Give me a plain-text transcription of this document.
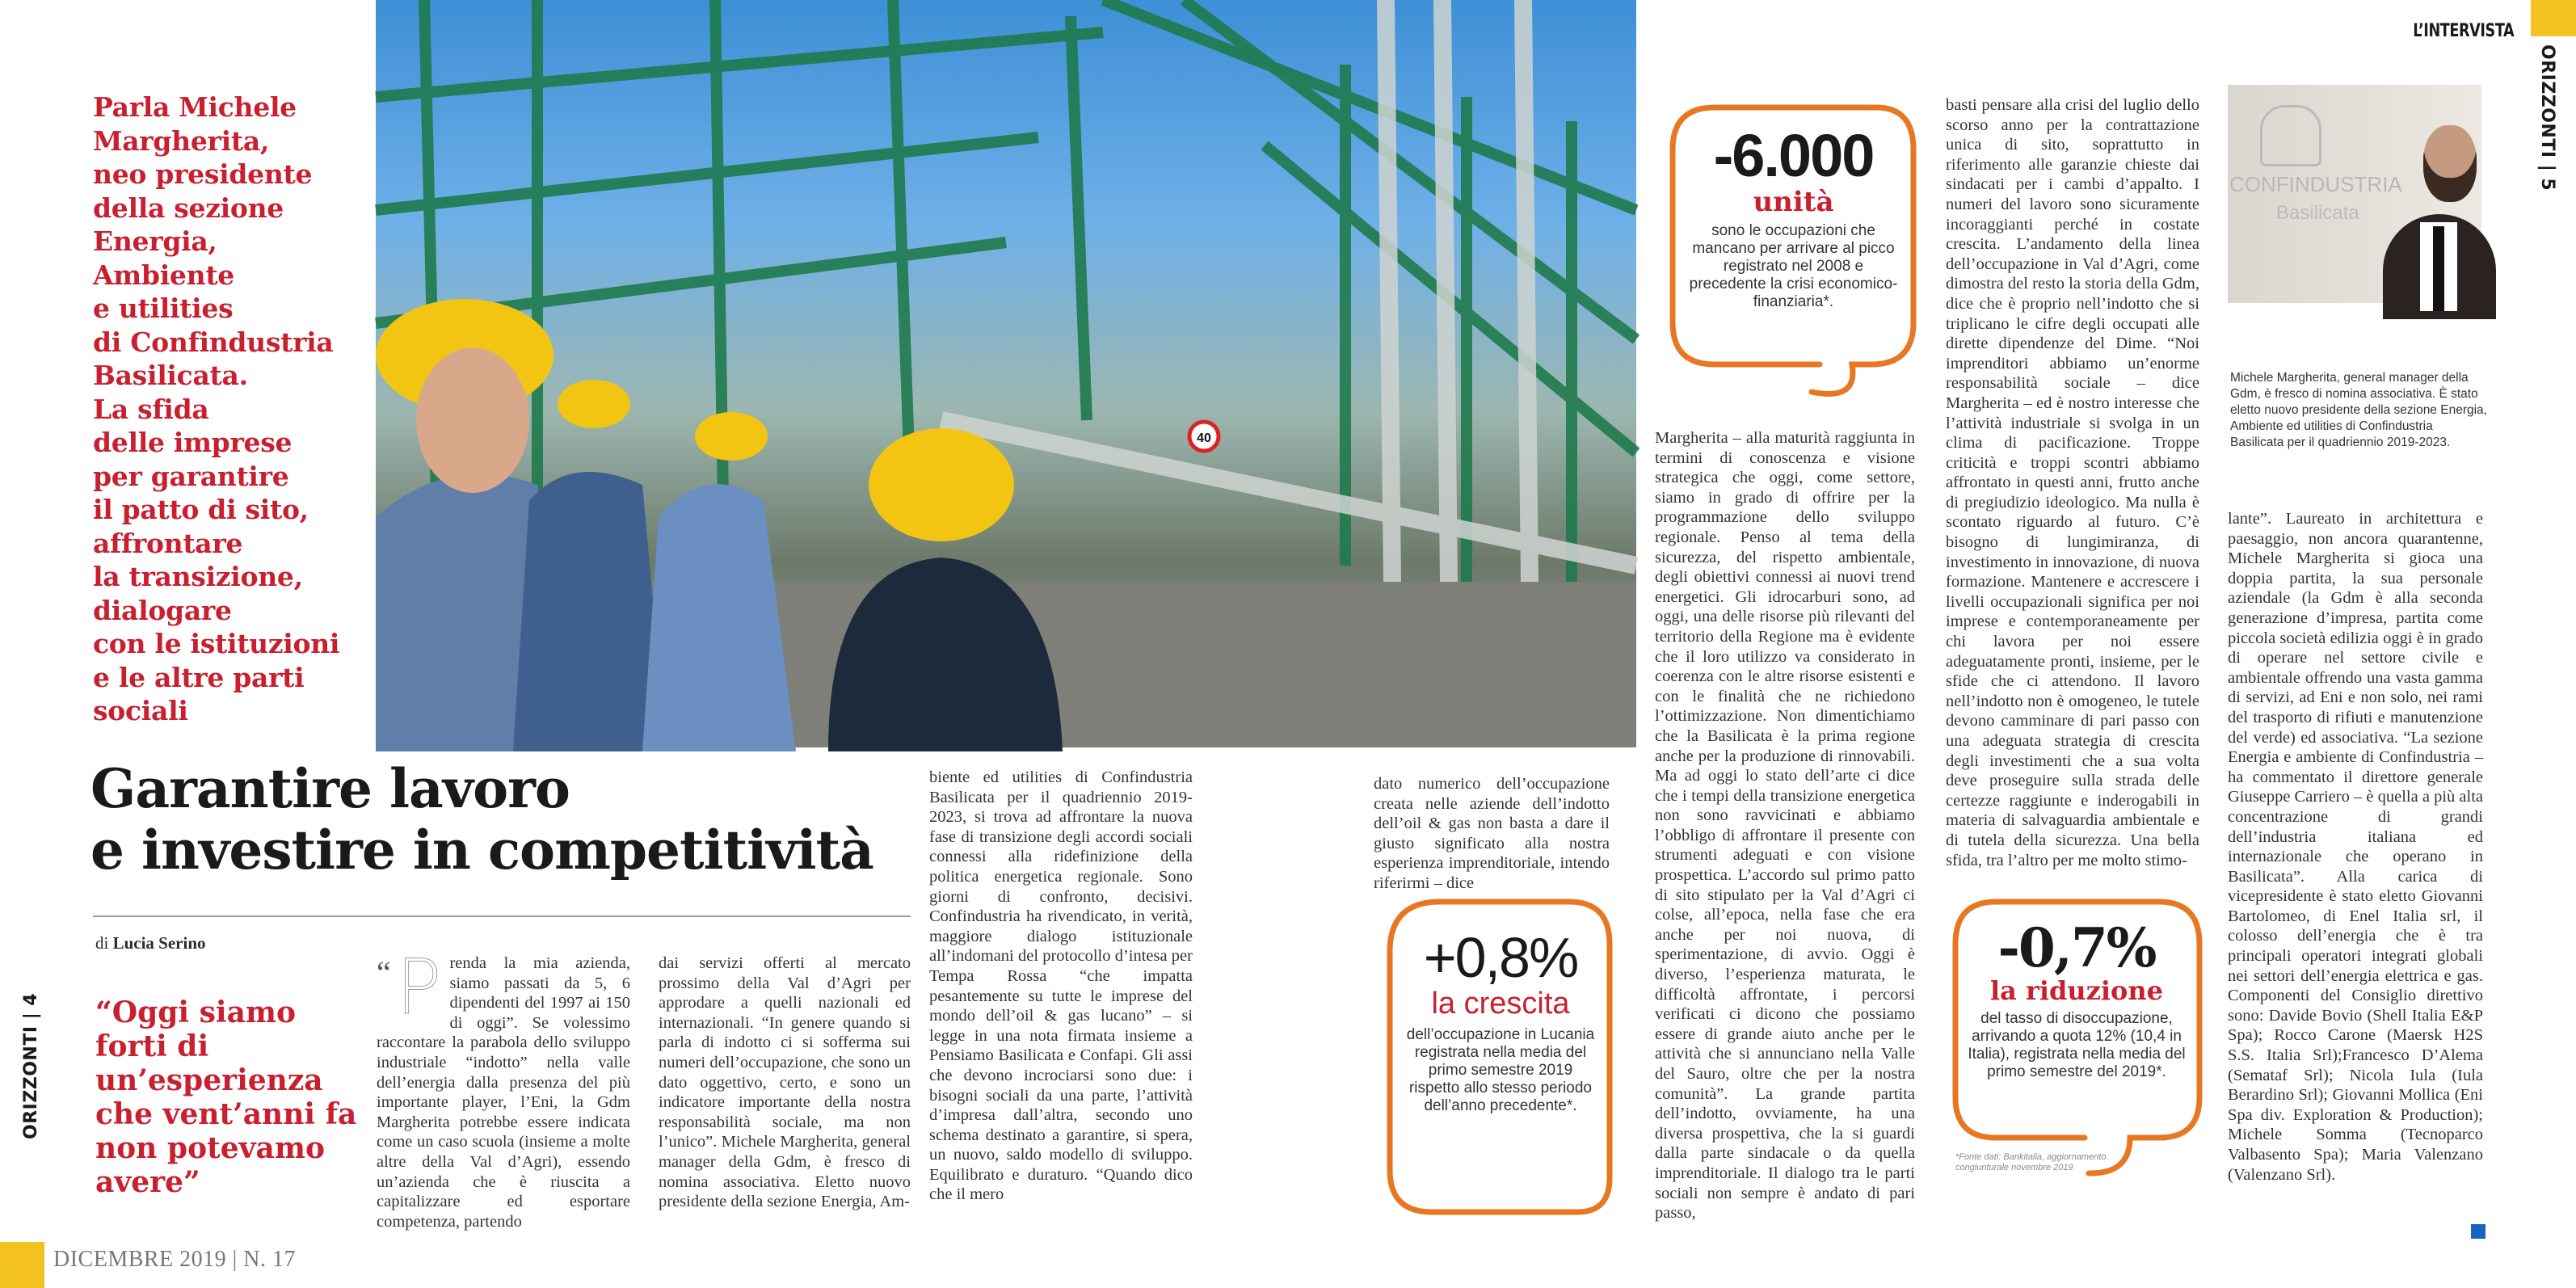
40
Parla Michele
Margherita,
neo presidente
della sezione
Energia,
Ambiente
e utilities
di Confindustria
Basilicata.
La sfida
delle imprese
per garantire
il patto di sito,
affrontare
la transizione,
dialogare
con le istituzioni
e le altre parti
sociali
Garantire lavoro
e investire in competitività
di Lucia Serino
“Oggi siamo
forti di
un’esperienza
che vent’anni fa
non potevamo
avere”
“ P renda la mia azienda, siamo passati da 5, 6 dipendenti del 1997 ai 150 di oggi”. Se volessimo raccontare la parabola dello sviluppo industriale “indotto” nella valle dell’energia dalla presenza del più importante player, l’Eni, la Gdm Margherita potrebbe essere indicata come un caso scuola (insieme a molte altre della Val d’Agri), essendo un’azienda che è riuscita a capitalizzare ed esportare competenza, partendo

dai servizi offerti al mercato prossimo della Val d’Agri per approdare a quelli nazionali ed internazionali. “In genere quando si parla di indotto ci si sofferma sui numeri dell’occupazione, che sono un dato oggettivo, certo, e sono un indicatore importante della nostra responsabilità sociale, ma non l’unico”. Michele Margherita, general manager della Gdm, è fresco di nomina associativa. Eletto nuovo presidente della sezione Energia, Am-

biente ed utilities di Confindustria Basilicata per il quadriennio 2019-2023, si trova ad affrontare la nuova fase di transizione degli accordi sociali connessi alla ridefinizione della politica energetica regionale. Sono giorni di confronto, decisivi. Confindustria ha rivendicato, in verità, maggiore dialogo istituzionale all’indomani del protocollo d’intesa per Tempa Rossa “che impatta pesantemente su tutte le imprese del mondo dell’oil & gas lucano” – si legge in una nota firmata insieme a Pensiamo Basilicata e Confapi. Gli assi che devono incrociarsi sono due: i bisogni sociali da una parte, l’attività d’impresa dall’altra, secondo uno schema destinato a garantire, si spera, un nuovo, saldo modello di sviluppo. Equilibrato e duraturo. “Quando dico che il mero

ORIZZONTI | 4
DICEMBRE 2019 | N. 17

dato numerico dell’occupazione creata nelle aziende dell’indotto dell’oil & gas non basta a dare il giusto significato alla nostra esperienza imprenditoriale, intendo riferirmi – dice

Margherita – alla maturità raggiunta in termini di conoscenza e visione strategica che oggi, come settore, siamo in grado di offrire per la programmazione dello sviluppo regionale. Penso al tema della sicurezza, del rispetto ambientale, degli obiettivi connessi ai nuovi trend energetici. Gli idrocarburi sono, ad oggi, una delle risorse più rilevanti del territorio della Regione ma è evidente che il loro utilizzo va considerato in coerenza con le altre risorse esistenti e con le finalità che ne richiedono l’ottimizzazione. Non dimentichiamo che la Basilicata è la prima regione anche per la produzione di rinnovabili. Ma ad oggi lo stato dell’arte ci dice che i tempi della transizione energetica non sono ravvicinati e abbiamo l’obbligo di affrontare il presente con strumenti adeguati e con visione prospettica. L’accordo sul primo patto di sito stipulato per la Val d’Agri ci colse, all’epoca, nella fase che era anche per noi nuova, di sperimentazione, di avvio. Oggi è diverso, l’esperienza maturata, le difficoltà affrontate, i percorsi verificati ci dicono che possiamo essere di grande aiuto anche per le attività che si annunciano nella Valle del Sauro, oltre che per la nostra comunità”. La grande partita dell’indotto, ovviamente, ha una diversa prospettiva, che la si guardi dalla parte sindacale o da quella imprenditoriale. Il dialogo tra le parti sociali non sempre è andato di pari passo,

basti pensare alla crisi del luglio dello scorso anno per la contrattazione unica di sito, soprattutto in riferimento alle garanzie chieste dai sindacati per i cambi d’appalto. I numeri del lavoro sono sicuramente incoraggianti perché in costate crescita. L’andamento della linea dell’occupazione in Val d’Agri, come dimostra del resto la storia della Gdm, dice che è proprio nell’indotto che si triplicano le cifre degli occupati alle dirette dipendenze del Dime. “Noi imprenditori abbiamo un’enorme responsabilità sociale – dice Margherita – ed è nostro interesse che l’attività industriale si svolga in un clima di pacificazione. Troppe criticità e troppi scontri abbiamo affrontato in questi anni, frutto anche di pregiudizio ideologico. Ma nulla è scontato riguardo al futuro. C’è bisogno di lungimiranza, di investimento in innovazione, di nuova formazione. Mantenere e accrescere i livelli occupazionali significa per noi imprese e contemporaneamente per chi lavora per noi essere adeguatamente pronti, insieme, per le sfide che ci attendono. Il lavoro nell’indotto non è omogeneo, le tutele devono camminare di pari passo con una adeguata strategia di crescita degli investimenti che a sua volta deve proseguire sulla strada delle certezze raggiunte e inderogabili in materia di salvaguardia ambientale e di tutela della sicurezza. Una bella sfida, tra l’altro per me molto stimo-

lante”. Laureato in architettura e paesaggio, non ancora quarantenne, Michele Margherita si gioca una doppia partita, la sua personale aziendale (la Gdm è alla seconda generazione d’impresa, partita come piccola società edilizia oggi è in grado di operare nel settore civile e ambientale offrendo una vasta gamma di servizi, ad Eni e non solo, nei rami del trasporto di rifiuti e manutenzione del verde) ed associativa. “La sezione Energia e ambiente di Confindustria – ha commentato il direttore generale Giuseppe Carriero – è quella a più alta concentrazione di grandi dell’industria italiana ed internazionale che operano in Basilicata”. Alla carica di vicepresidente è stato eletto Giovanni Bartolomeo, di Enel Italia srl, il colosso dell’energia che è tra principali operatori integrati globali nei settori dell’energia elettrica e gas. Componenti del Consiglio direttivo sono: Davide Bovio (Shell Italia E&P Spa); Rocco Carone (Maersk H2S S.S. Italia Srl);Francesco D’Alema (Semataf Srl); Nicola Iula (Iula Berardino Srl); Giovanni Mollica (Eni Spa div. Exploration & Production); Michele Somma (Tecnoparco Valbasento Spa); Maria Valenzano (Valenzano Srl).

-6.000
unità
sono le occupazioni che mancano per arrivare al picco registrato nel 2008 e precedente la crisi economico-finanziaria*.
+0,8%
la crescita
dell’occupazione in Lucania registrata nella media del primo semestre 2019 rispetto allo stesso periodo dell’anno precedente*.
-0,7%
la riduzione
del tasso di disoccupazione, arrivando a quota 12% (10,4 in Italia), registrata nella media del primo semestre del 2019*.
*Fonte dati: Bankitalia, aggiornamento congiunturale novembre 2019
CONFINDUSTRIA
Basilicata
Michele Margherita, general manager della Gdm, è fresco di nomina associativa. È stato eletto nuovo presidente della sezione Energia, Ambiente ed utilities di Confindustria Basilicata per il quadriennio 2019-2023.
L’INTERVISTA
ORIZZONTI | 5
